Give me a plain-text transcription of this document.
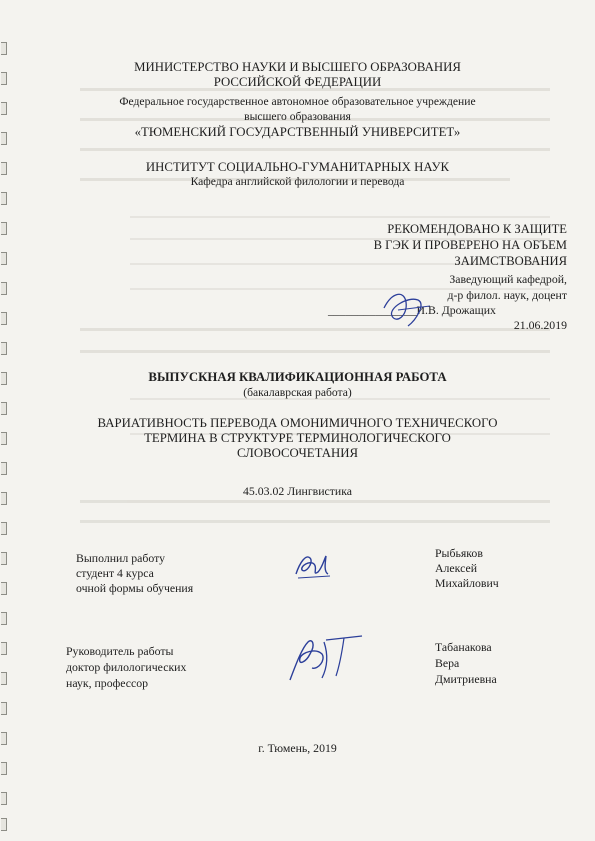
МИНИСТЕРСТВО НАУКИ И ВЫСШЕГО ОБРАЗОВАНИЯ
РОССИЙСКОЙ ФЕДЕРАЦИИ
Федеральное государственное автономное образовательное учреждение
высшего образования
«ТЮМЕНСКИЙ ГОСУДАРСТВЕННЫЙ УНИВЕРСИТЕТ»
ИНСТИТУТ СОЦИАЛЬНО-ГУМАНИТАРНЫХ НАУК
Кафедра английской филологии и перевода
РЕКОМЕНДОВАНО К ЗАЩИТЕ
В ГЭК И ПРОВЕРЕНО НА ОБЪЕМ
ЗАИМСТВОВАНИЯ
Заведующий кафедрой,
д-р филол. наук, доцент
_______________И.В. Дрожащих
21.06.2019
ВЫПУСКНАЯ КВАЛИФИКАЦИОННАЯ РАБОТА
(бакалаврская работа)
ВАРИАТИВНОСТЬ ПЕРЕВОДА ОМОНИМИЧНОГО ТЕХНИЧЕСКОГО
ТЕРМИНА В СТРУКТУРЕ ТЕРМИНОЛОГИЧЕСКОГО
СЛОВОСОЧЕТАНИЯ
45.03.02 Лингвистика
Выполнил работу
студент 4 курса
очной формы обучения
Рыбьяков
Алексей
Михайлович
Руководитель работы
доктор филологических
наук, профессор
Табанакова
Вера
Дмитриевна
г. Тюмень, 2019
